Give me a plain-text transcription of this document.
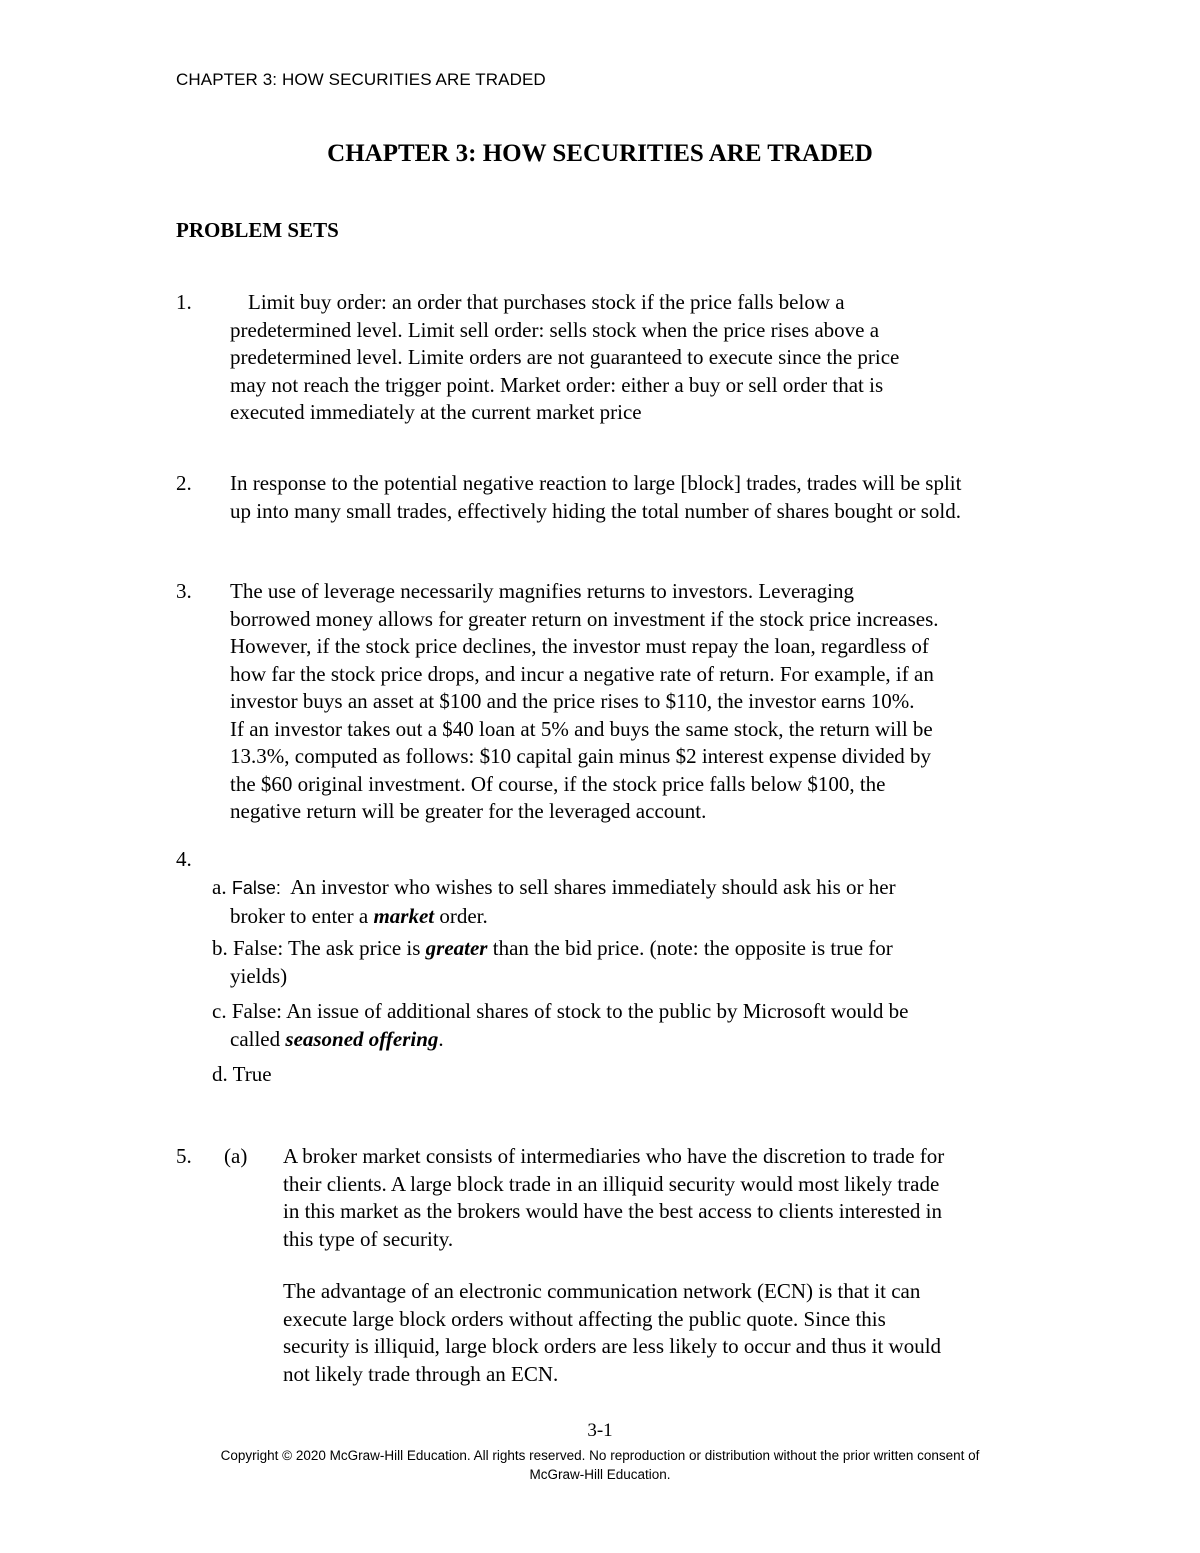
CHAPTER 3: HOW SECURITIES ARE TRADED
CHAPTER 3: HOW SECURITIES ARE TRADED
PROBLEM SETS
1.	Limit buy order: an order that purchases stock if the price falls below a
predetermined level. Limit sell order: sells stock when the price rises above a
predetermined level. Limite orders are not guaranteed to execute since the price
may not reach the trigger point. Market order: either a buy or sell order that is
executed immediately at the current market price
2. In response to the potential negative reaction to large [block] trades, trades will be split
up into many small trades, effectively hiding the total number of shares bought or sold.
3. The use of leverage necessarily magnifies returns to investors. Leveraging
borrowed money allows for greater return on investment if the stock price increases.
However, if the stock price declines, the investor must repay the loan, regardless of
how far the stock price drops, and incur a negative rate of return. For example, if an
investor buys an asset at $100 and the price rises to $110, the investor earns 10%.
If an investor takes out a $40 loan at 5% and buys the same stock, the return will be
13.3%, computed as follows: $10 capital gain minus $2 interest expense divided by
the $60 original investment. Of course, if the stock price falls below $100, the
negative return will be greater for the leveraged account.
4.
a. False:  An investor who wishes to sell shares immediately should ask his or her
broker to enter a market order.
b. False: The ask price is greater than the bid price. (note: the opposite is true for
yields)
c. False: An issue of additional shares of stock to the public by Microsoft would be
called seasoned offering.
d. True
5. (a) A broker market consists of intermediaries who have the discretion to trade for
their clients. A large block trade in an illiquid security would most likely trade
in this market as the brokers would have the best access to clients interested in
this type of security.
The advantage of an electronic communication network (ECN) is that it can
execute large block orders without affecting the public quote. Since this
security is illiquid, large block orders are less likely to occur and thus it would
not likely trade through an ECN.
3-1
Copyright © 2020 McGraw-Hill Education. All rights reserved. No reproduction or distribution without the prior written consent of
McGraw-Hill Education.
